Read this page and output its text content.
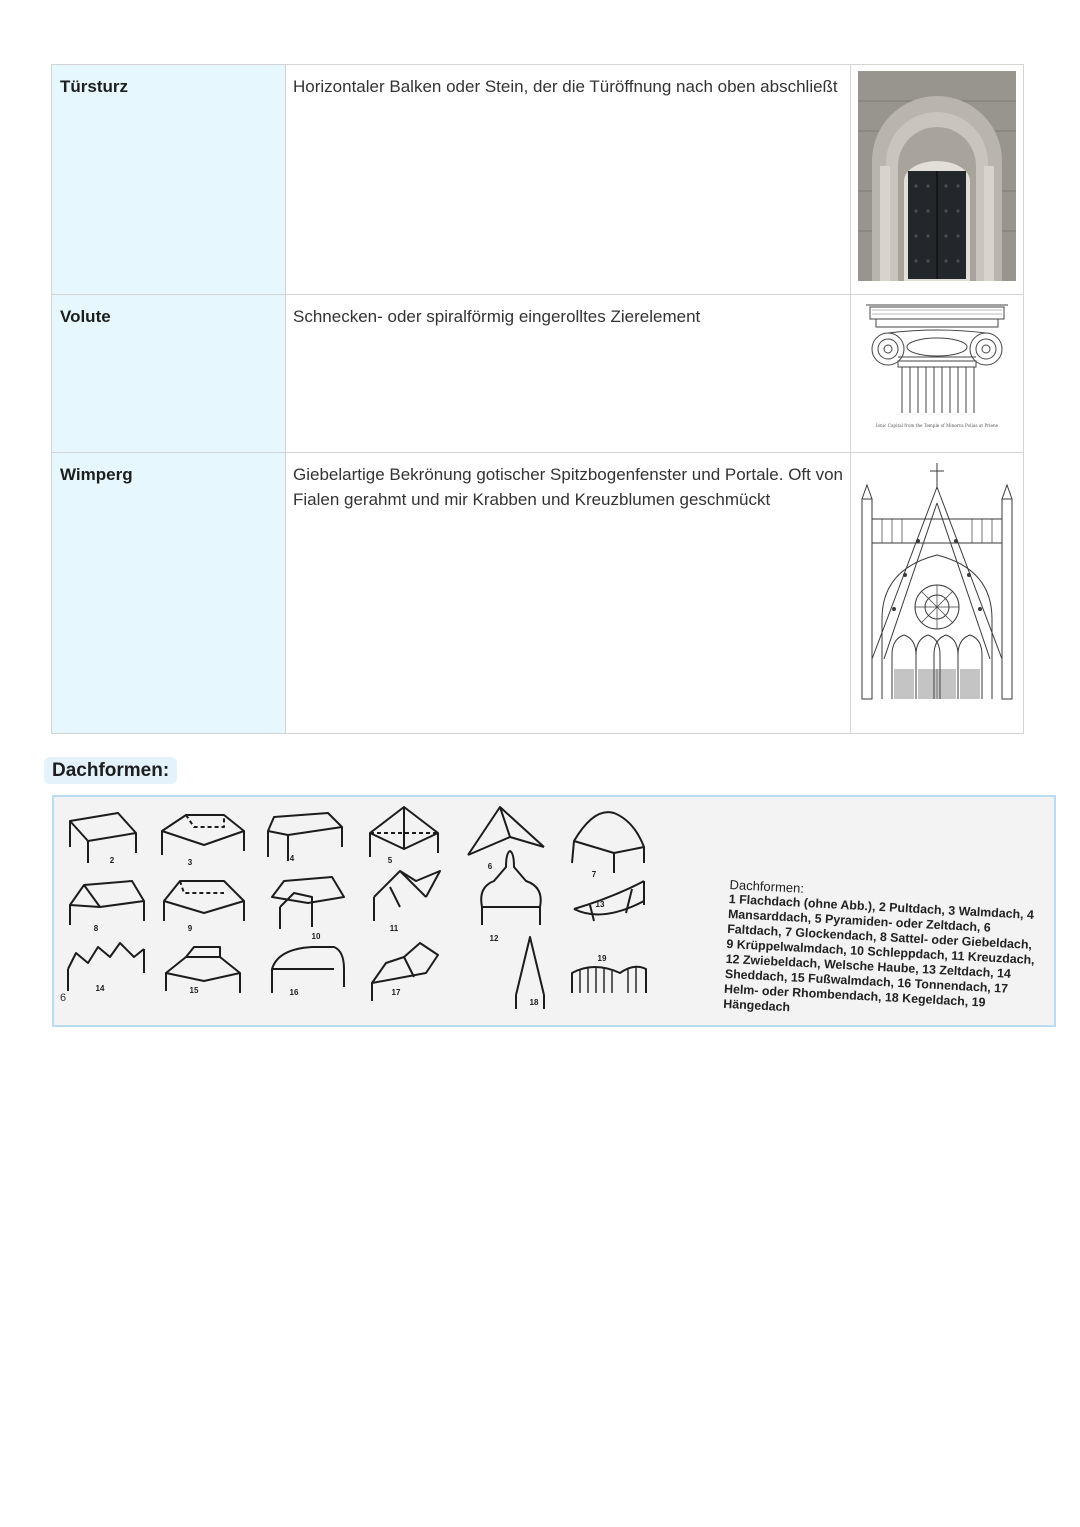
Türsturz	Horizontaler Balken oder Stein, der die Türöffnung nach oben abschließt	
Volute	Schnecken- oder spiralförmig eingerolltes Zierelement	Ionic Capital from the Temple of Minerva Polias at Priene

Wimperg	Giebelartige Bekrönung gotischer Spitzbogenfenster und Portale. Oft von Fialen gerahmt und mir Krabben und Kreuzblumen geschmückt	
Dachformen:
2	3	4	5
6
7
8	9
10
11
12
13
14	15	16	17
18
19
6
Dachformen:
1 Flachdach (ohne Abb.), 2 Pultdach, 3 Walmdach, 4 Mansarddach, 5 Pyramiden- oder Zeltdach, 6 Faltdach, 7 Glockendach, 8 Sattel- oder Giebeldach, 9 Krüppelwalmdach, 10 Schleppdach, 11 Kreuzdach, 12 Zwiebeldach, Welsche Haube, 13 Zeltdach, 14 Sheddach, 15 Fußwalmdach, 16 Tonnendach, 17 Helm- oder Rhombendach, 18 Kegeldach, 19 Hängedach
